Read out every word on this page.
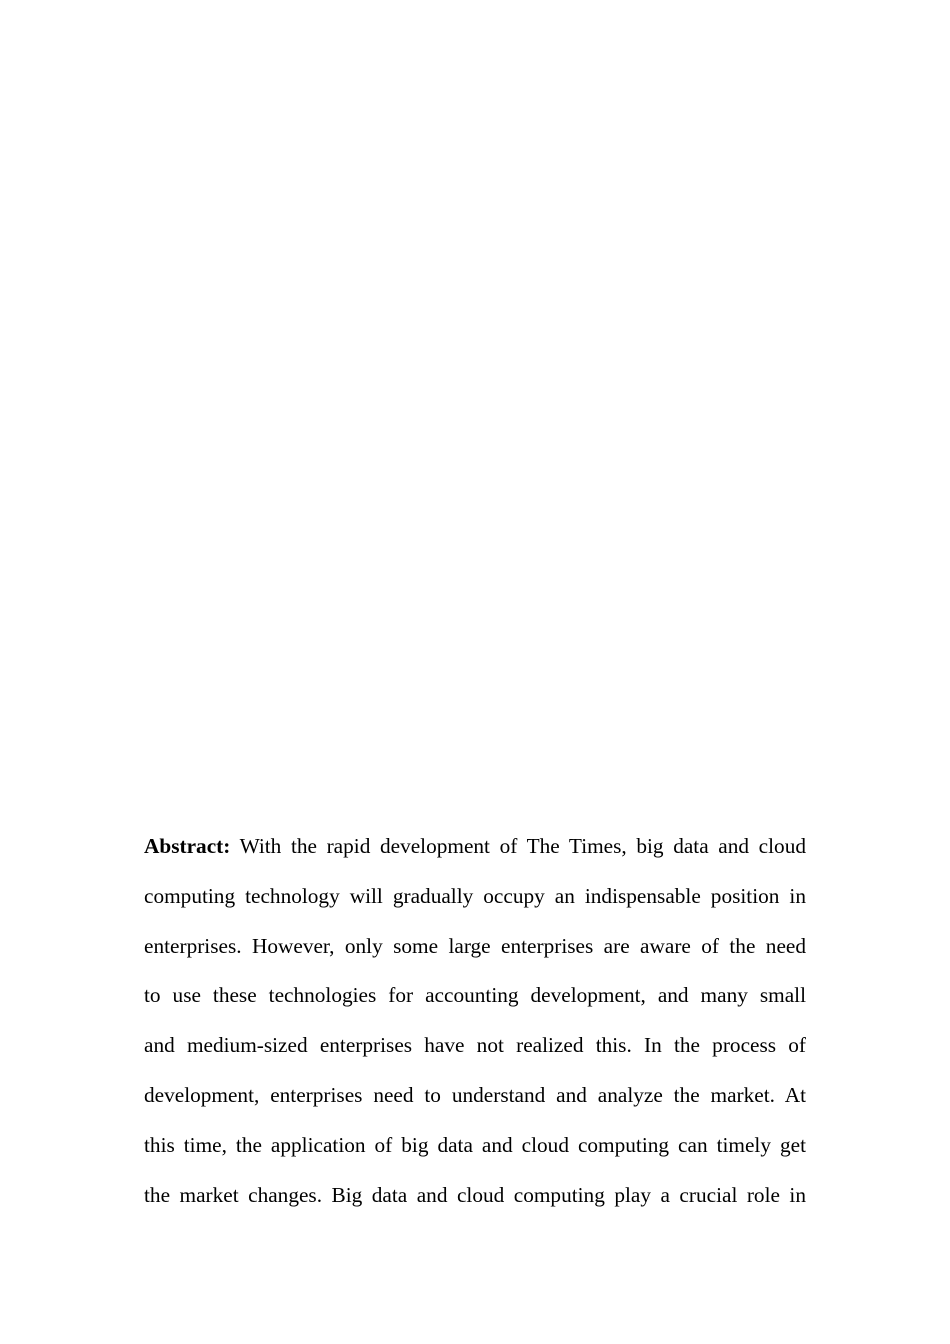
Abstract: With the rapid development of The Times, big data and cloud
computing technology will gradually occupy an indispensable position in
enterprises. However, only some large enterprises are aware of the need
to use these technologies for accounting development, and many small
and medium-sized enterprises have not realized this. In the process of
development, enterprises need to understand and analyze the market. At
this time, the application of big data and cloud computing can timely get
the market changes. Big data and cloud computing play a crucial role in
